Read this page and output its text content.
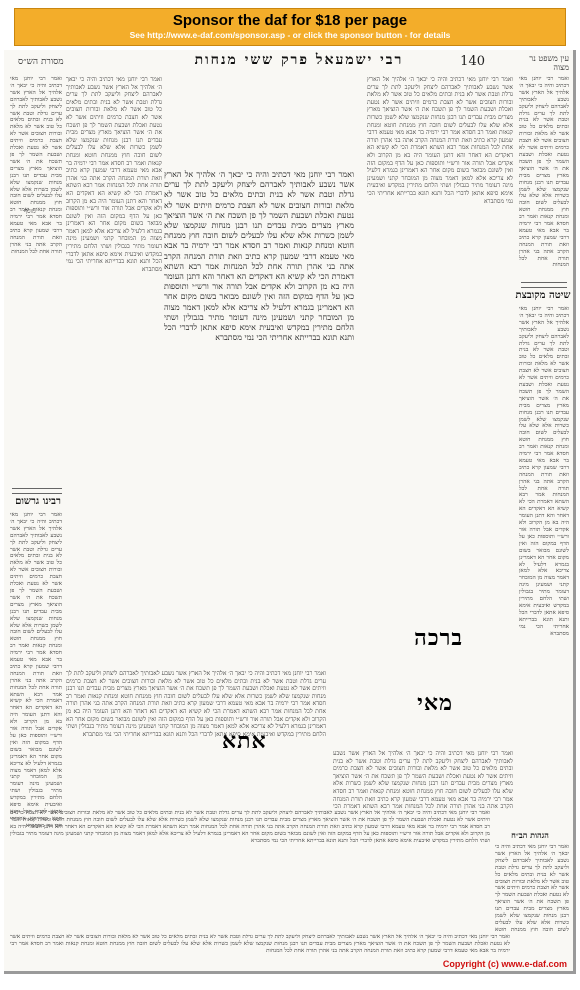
Sponsor the daf for $18 per page
See http://www.e-daf.com/sponsor.asp - or click the sponsor button - for details
140
רבי ישמעאל פרק ששי מנחות
מסורת הש״ס	עין משפט נר מצוה
ואמר רבי יוחנן מאי דכתיב והיה כי יבאך ה׳ אלהיך אל הארץ אשר נשבע לאבותיך לאברהם ליצחק וליעקב לתת לך ערים גדלת וטבת אשר לא בנית ובתים מלאים כל טוב אשר לא מלאת ובורות חצובים אשר לא חצבת כרמים וזיתים אשר לא נטעת ואכלת ושבעת השמר לך פן תשכח את ה׳ אשר הוציאך מארץ מצרים מבית עבדים תנו רבנן מנחות שנקמצו שלא לשמן כשרות אלא שלא עלו לבעלים לשום חובה חוץ ממנחת חוטא ומנחת קנאות ואמר רב חסדא אמר רבי ירמיה בר אבא מאי טעמא דרבי שמעון קרא כתיב וזאת תורת המנחה הקרב אתה בני אהרן תורה אחת לכל המנחות
שיטה מקובצת
ואמר רבי יוחנן מאי דכתיב והיה כי יבאך ה׳ אלהיך אל הארץ אשר נשבע לאבותיך לאברהם ליצחק וליעקב לתת לך ערים גדלת וטבת אשר לא בנית ובתים מלאים כל טוב אשר לא מלאת ובורות חצובים אשר לא חצבת כרמים וזיתים אשר לא נטעת ואכלת ושבעת השמר לך פן תשכח את ה׳ אשר הוציאך מארץ מצרים מבית עבדים תנו רבנן מנחות שנקמצו שלא לשמן כשרות אלא שלא עלו לבעלים לשום חובה חוץ ממנחת חוטא ומנחת קנאות ואמר רב חסדא אמר רבי ירמיה בר אבא מאי טעמא דרבי שמעון קרא כתיב וזאת תורת המנחה הקרב אתה בני אהרן תורה אחת לכל המנחות אמר רבא השתא דאמרת הכי לא קשיא הא דאקדים הא דאחר והא דתנן העומר היה בא מן הקרוב ולא אקדים אבל תורה אור ורש״י ותוספות כאן על הדף במקום הזה ואין לשונם מבואר בשום מקום אחר הא דאמרינן בגמרא דלעיל לא צריכא אלא למאן דאמר מצוה מן המובחר קתני ושמעינן מינה דעומר מתיר בגבולין ושתי הלחם מתירין במקדש ואיבעית אימא סיפא אתאן לדברי הכל ותנא תונא בברייתא אחריתי הכי נמי מסתברא
ואמר רבי יוחנן מאי דכתיב והיה כי יבאך ה׳ אלהיך אל הארץ אשר נשבע לאבותיך לאברהם ליצחק וליעקב לתת לך ערים גדלת וטבת אשר לא בנית ובתים מלאים כל טוב אשר לא מלאת ובורות חצובים אשר לא חצבת כרמים וזיתים אשר לא נטעת ואכלת ושבעת השמר לך פן תשכח את ה׳ אשר הוציאך מארץ מצרים מבית עבדים תנו רבנן מנחות שנקמצו שלא לשמן כשרות אלא שלא עלו לבעלים לשום חובה חוץ ממנחת חוטא ומנחת קנאות ואמר רב חסדא אמר רבי ירמיה בר אבא מאי טעמא דרבי שמעון קרא כתיב וזאת תורת המנחה הקרב אתה בני אהרן תורה אחת לכל המנחות אמר רבא השתא דאמרת הכי לא קשיא הא דאקדים הא דאחר והא דתנן העומר היה בא מן הקרוב ולא אקדים אבל תורה אור ורש״י ותוספות כאן על הדף במקום הזה ואין לשונם מבואר בשום מקום אחר הא דאמרינן בגמרא דלעיל לא צריכא אלא למאן דאמר מצוה מן המובחר קתני ושמעינן מינה דעומר מתיר בגבולין ושתי הלחם מתירין במקדש ואיבעית אימא סיפא אתאן לדברי הכל ותנא תונא בברייתא אחריתי הכי נמי מסתברא
ואמר רבי יוחנן מאי דכתיב והיה כי יבאך ה׳ אלהיך אל הארץ אשר נשבע לאבותיך לאברהם ליצחק וליעקב לתת לך ערים גדלת וטבת אשר לא בנית ובתים מלאים כל טוב אשר לא מלאת ובורות חצובים אשר לא חצבת כרמים וזיתים אשר לא נטעת ואכלת ושבעת השמר לך פן תשכח את ה׳ אשר הוציאך מארץ מצרים מבית עבדים תנו רבנן מנחות שנקמצו שלא לשמן כשרות אלא שלא עלו לבעלים לשום חובה חוץ ממנחת חוטא ומנחת קנאות ואמר רב חסדא אמר רבי ירמיה בר אבא מאי טעמא דרבי שמעון קרא כתיב וזאת תורת המנחה הקרב אתה בני אהרן תורה אחת לכל המנחות אמר רבא השתא דאמרת הכי לא קשיא הא דאקדים הא דאחר והא דתנן העומר היה בא מן הקרוב ולא אקדים אבל תורה אור ורש״י ותוספות כאן על הדף במקום הזה ואין לשונם מבואר בשום מקום אחר הא דאמרינן בגמרא דלעיל לא צריכא אלא למאן דאמר מצוה מן המובחר קתני ושמעינן מינה דעומר מתיר בגבולין ושתי הלחם מתירין במקדש ואיבעית אימא סיפא אתאן לדברי הכל ותנא תונא בברייתא אחריתי הכי נמי מסתברא
ברכה
מאי
אתא
ואמר רבי יוחנן מאי דכתיב והיה כי יבאך ה׳ אלהיך אל הארץ אשר נשבע לאבותיך לאברהם ליצחק וליעקב לתת לך ערים גדלת וטבת אשר לא בנית ובתים מלאים כל טוב אשר לא מלאת ובורות חצובים אשר לא חצבת כרמים וזיתים אשר לא נטעת ואכלת ושבעת השמר לך פן תשכח את ה׳ אשר הוציאך מארץ מצרים מבית עבדים תנו רבנן מנחות שנקמצו שלא לשמן כשרות אלא שלא עלו לבעלים לשום חובה חוץ ממנחת חוטא ומנחת קנאות ואמר רב חסדא אמר רבי ירמיה בר אבא מאי טעמא דרבי שמעון קרא כתיב וזאת תורת המנחה הקרב אתה בני אהרן תורה אחת לכל המנחות אמר רבא השתא דאמרת הכי לא קשיא הא דאקדים הא דאחר והא דתנן העומר היה בא מן הקרוב ולא אקדים אבל תורה אור ורש״י ותוספות כאן על הדף במקום הזה ואין לשונם מבואר בשום מקום אחר הא דאמרינן בגמרא דלעיל לא צריכא אלא למאן דאמר מצוה מן המובחר קתני ושמעינן מינה דעומר מתיר בגבולין ושתי הלחם מתירין במקדש ואיבעית אימא סיפא אתאן לדברי הכל ותנא תונא בברייתא אחריתי הכי נמי מסתברא
ואמר רבי יוחנן מאי דכתיב והיה כי יבאך ה׳ אלהיך אל הארץ אשר נשבע לאבותיך לאברהם ליצחק וליעקב לתת לך ערים גדלת וטבת אשר לא בנית ובתים מלאים כל טוב אשר לא מלאת ובורות חצובים אשר לא חצבת כרמים וזיתים אשר לא נטעת ואכלת ושבעת השמר לך פן תשכח את ה׳ אשר הוציאך מארץ מצרים מבית עבדים תנו רבנן מנחות שנקמצו שלא לשמן כשרות אלא שלא עלו לבעלים לשום חובה חוץ ממנחת חוטא ומנחת קנאות ואמר רב חסדא אמר רבי ירמיה בר אבא מאי טעמא דרבי שמעון קרא כתיב וזאת תורת המנחה הקרב אתה בני אהרן תורה אחת לכל המנחות
מוסף
רבינו גרשום
ואמר רבי יוחנן מאי דכתיב והיה כי יבאך ה׳ אלהיך אל הארץ אשר נשבע לאבותיך לאברהם ליצחק וליעקב לתת לך ערים גדלת וטבת אשר לא בנית ובתים מלאים כל טוב אשר לא מלאת ובורות חצובים אשר לא חצבת כרמים וזיתים אשר לא נטעת ואכלת ושבעת השמר לך פן תשכח את ה׳ אשר הוציאך מארץ מצרים מבית עבדים תנו רבנן מנחות שנקמצו שלא לשמן כשרות אלא שלא עלו לבעלים לשום חובה חוץ ממנחת חוטא ומנחת קנאות ואמר רב חסדא אמר רבי ירמיה בר אבא מאי טעמא דרבי שמעון קרא כתיב וזאת תורת המנחה הקרב אתה בני אהרן תורה אחת לכל המנחות אמר רבא השתא דאמרת הכי לא קשיא הא דאקדים הא דאחר והא דתנן העומר היה בא מן הקרוב ולא אקדים אבל תורה אור ורש״י ותוספות כאן על הדף במקום הזה ואין לשונם מבואר בשום מקום אחר הא דאמרינן בגמרא דלעיל לא צריכא אלא למאן דאמר מצוה מן המובחר קתני ושמעינן מינה דעומר מתיר בגבולין ושתי הלחם מתירין במקדש ואיבעית אימא סיפא אתאן לדברי הכל ותנא תונא בברייתא אחריתי הכי נמי מסתברא
ואמר רבי יוחנן מאי דכתיב והיה כי יבאך ה׳ אלהיך אל הארץ אשר נשבע לאבותיך לאברהם ליצחק וליעקב לתת לך ערים גדלת וטבת אשר לא בנית ובתים מלאים כל טוב אשר לא מלאת ובורות חצובים אשר לא חצבת כרמים וזיתים אשר לא נטעת ואכלת ושבעת השמר לך פן תשכח את ה׳ אשר הוציאך מארץ מצרים מבית עבדים תנו רבנן מנחות שנקמצו שלא לשמן כשרות אלא שלא עלו לבעלים לשום חובה חוץ ממנחת חוטא ומנחת קנאות ואמר רב חסדא אמר רבי ירמיה בר אבא מאי טעמא דרבי שמעון קרא כתיב וזאת תורת המנחה הקרב אתה בני אהרן תורה אחת לכל המנחות אמר רבא השתא דאמרת הכי לא קשיא הא דאקדים הא דאחר והא דתנן העומר היה בא מן הקרוב ולא אקדים אבל תורה אור ורש״י ותוספות כאן על הדף במקום הזה ואין לשונם מבואר בשום מקום אחר הא דאמרינן בגמרא דלעיל לא צריכא אלא למאן דאמר מצוה מן המובחר קתני ושמעינן מינה דעומר מתיר בגבולין ושתי הלחם מתירין במקדש ואיבעית אימא סיפא אתאן לדברי הכל ותנא תונא בברייתא אחריתי הכי נמי מסתברא
ואמר רבי יוחנן מאי דכתיב והיה כי יבאך ה׳ אלהיך אל הארץ אשר נשבע לאבותיך לאברהם ליצחק וליעקב לתת לך ערים גדלת וטבת אשר לא בנית ובתים מלאים כל טוב אשר לא מלאת ובורות חצובים אשר לא חצבת כרמים וזיתים אשר לא נטעת ואכלת ושבעת השמר לך פן תשכח את ה׳ אשר הוציאך מארץ מצרים מבית עבדים תנו רבנן מנחות שנקמצו שלא לשמן כשרות אלא שלא עלו לבעלים לשום חובה חוץ ממנחת חוטא ומנחת קנאות ואמר רב חסדא אמר רבי ירמיה בר אבא מאי טעמא דרבי שמעון קרא כתיב וזאת תורת המנחה הקרב אתה בני אהרן תורה אחת לכל המנחות אמר רבא השתא דאמרת הכי לא קשיא הא דאקדים הא דאחר והא דתנן העומר היה בא מן הקרוב ולא אקדים אבל תורה אור ורש״י ותוספות כאן על הדף במקום הזה ואין לשונם מבואר בשום מקום אחר הא דאמרינן בגמרא דלעיל לא צריכא אלא למאן דאמר מצוה מן המובחר קתני ושמעינן מינה דעומר מתיר בגבולין ושתי הלחם מתירין במקדש ואיבעית אימא סיפא אתאן לדברי הכל ותנא תונא בברייתא אחריתי הכי נמי מסתברא
ואמר רבי יוחנן מאי דכתיב והיה כי יבאך ה׳ אלהיך אל הארץ אשר נשבע לאבותיך לאברהם ליצחק וליעקב לתת לך ערים גדלת וטבת אשר לא בנית ובתים מלאים כל טוב אשר לא מלאת ובורות חצובים אשר לא חצבת כרמים וזיתים אשר לא נטעת ואכלת ושבעת השמר לך פן תשכח את ה׳ אשר הוציאך מארץ מצרים מבית עבדים תנו רבנן מנחות שנקמצו שלא לשמן כשרות אלא שלא עלו לבעלים לשום חובה חוץ ממנחת חוטא ומנחת קנאות ואמר רב חסדא אמר רבי ירמיה בר אבא מאי טעמא דרבי שמעון קרא כתיב וזאת תורת המנחה הקרב אתה בני אהרן תורה אחת לכל המנחות אמר רבא השתא דאמרת הכי לא קשיא הא דאקדים הא דאחר והא דתנן העומר היה בא מן הקרוב ולא אקדים אבל תורה אור ורש״י ותוספות כאן על הדף במקום הזה ואין לשונם מבואר בשום מקום אחר הא דאמרינן בגמרא דלעיל לא צריכא אלא למאן דאמר מצוה מן המובחר קתני ושמעינן מינה דעומר מתיר בגבולין ושתי הלחם מתירין במקדש ואיבעית אימא סיפא אתאן לדברי הכל ותנא תונא בברייתא אחריתי הכי נמי מסתברא
הגהות הב״ח
ואמר רבי יוחנן מאי דכתיב והיה כי יבאך ה׳ אלהיך אל הארץ אשר נשבע לאבותיך לאברהם ליצחק וליעקב לתת לך ערים גדלת וטבת אשר לא בנית ובתים מלאים כל טוב אשר לא מלאת ובורות חצובים אשר לא חצבת כרמים וזיתים אשר לא נטעת ואכלת ושבעת השמר לך פן תשכח את ה׳ אשר הוציאך מארץ מצרים מבית עבדים תנו רבנן מנחות שנקמצו שלא לשמן כשרות אלא שלא עלו לבעלים לשום חובה חוץ ממנחת חוטא ומנחת קנאות ואמר רב חסדא אמר רבי ירמיה בר אבא מאי טעמא דרבי שמעון קרא כתיב וזאת תורת המנחה הקרב אתה בני אהרן תורה אחת לכל המנחות
ואמר רבי יוחנן מאי דכתיב והיה כי יבאך ה׳ אלהיך אל הארץ אשר נשבע לאבותיך לאברהם ליצחק וליעקב לתת לך ערים גדלת וטבת אשר לא בנית ובתים מלאים כל טוב אשר לא מלאת ובורות חצובים אשר לא חצבת כרמים וזיתים אשר לא נטעת ואכלת ושבעת השמר לך פן תשכח את ה׳ אשר הוציאך מארץ מצרים מבית עבדים תנו רבנן מנחות שנקמצו שלא לשמן כשרות אלא שלא עלו לבעלים לשום חובה חוץ ממנחת חוטא ומנחת קנאות ואמר רב חסדא אמר רבי ירמיה בר אבא מאי טעמא דרבי שמעון קרא כתיב וזאת תורת המנחה הקרב אתה בני אהרן תורה אחת לכל המנחות
Copyright (c) www.e-daf.com
